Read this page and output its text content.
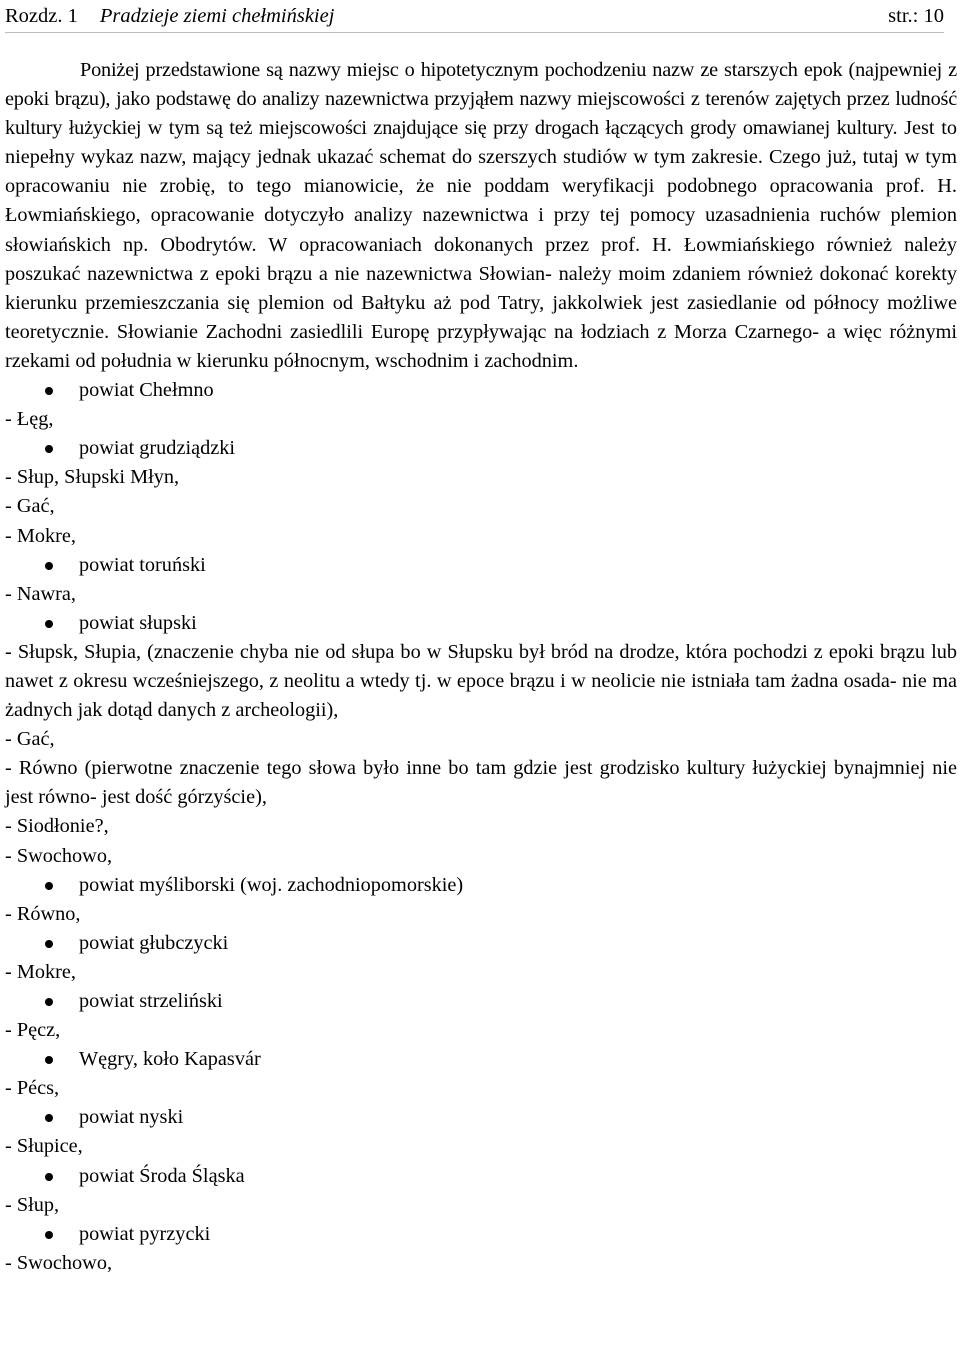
Rozdz. 1 Pradzieje ziemi chełmińskiej	str.: 10

Poniżej przedstawione są nazwy miejsc o hipotetycznym pochodzeniu nazw ze starszych epok (najpewniej z epoki brązu), jako podstawę do analizy nazewnictwa przyjąłem nazwy miejscowości z terenów zajętych przez ludność kultury łużyckiej w tym są też miejscowości znajdujące się przy drogach łączących grody omawianej kultury. Jest to niepełny wykaz nazw, mający jednak ukazać schemat do szerszych studiów w tym zakresie. Czego już, tutaj w tym opracowaniu nie zrobię, to tego mianowicie, że nie poddam weryfikacji podobnego opracowania prof. H. Łowmiańskiego, opracowanie dotyczyło analizy nazewnictwa i przy tej pomocy uzasadnienia ruchów plemion słowiańskich np. Obodrytów. W opracowaniach dokonanych przez prof. H. Łowmiańskiego również należy poszukać nazewnictwa z epoki brązu a nie nazewnictwa Słowian- należy moim zdaniem również dokonać korekty kierunku przemieszczania się plemion od Bałtyku aż pod Tatry, jakkolwiek jest zasiedlanie od północy możliwe teoretycznie. Słowianie Zachodni zasiedlili Europę przypływając na łodziach z Morza Czarnego- a więc różnymi rzekami od południa w kierunku północnym, wschodnim i zachodnim.

powiat Chełmno
- Łęg,
powiat grudziądzki
- Słup, Słupski Młyn,
- Gać,
- Mokre,
powiat toruński
- Nawra,
powiat słupski
- Słupsk, Słupia, (znaczenie chyba nie od słupa bo w Słupsku był bród na drodze, która pochodzi z epoki brązu lub nawet z okresu wcześniejszego, z neolitu a wtedy tj. w epoce brązu i w neolicie nie istniała tam żadna osada- nie ma żadnych jak dotąd danych z archeologii),
- Gać,
- Równo (pierwotne znaczenie tego słowa było inne bo tam gdzie jest grodzisko kultury łużyckiej bynajmniej nie jest równo- jest dość górzyście),
- Siodłonie?,
- Swochowo,
powiat myśliborski (woj. zachodniopomorskie)
- Równo,
powiat głubczycki
- Mokre,
powiat strzeliński
- Pęcz,
Węgry, koło Kapasvár
- Pécs,
powiat nyski
- Słupice,
powiat Środa Śląska
- Słup,
powiat pyrzycki
- Swochowo,
